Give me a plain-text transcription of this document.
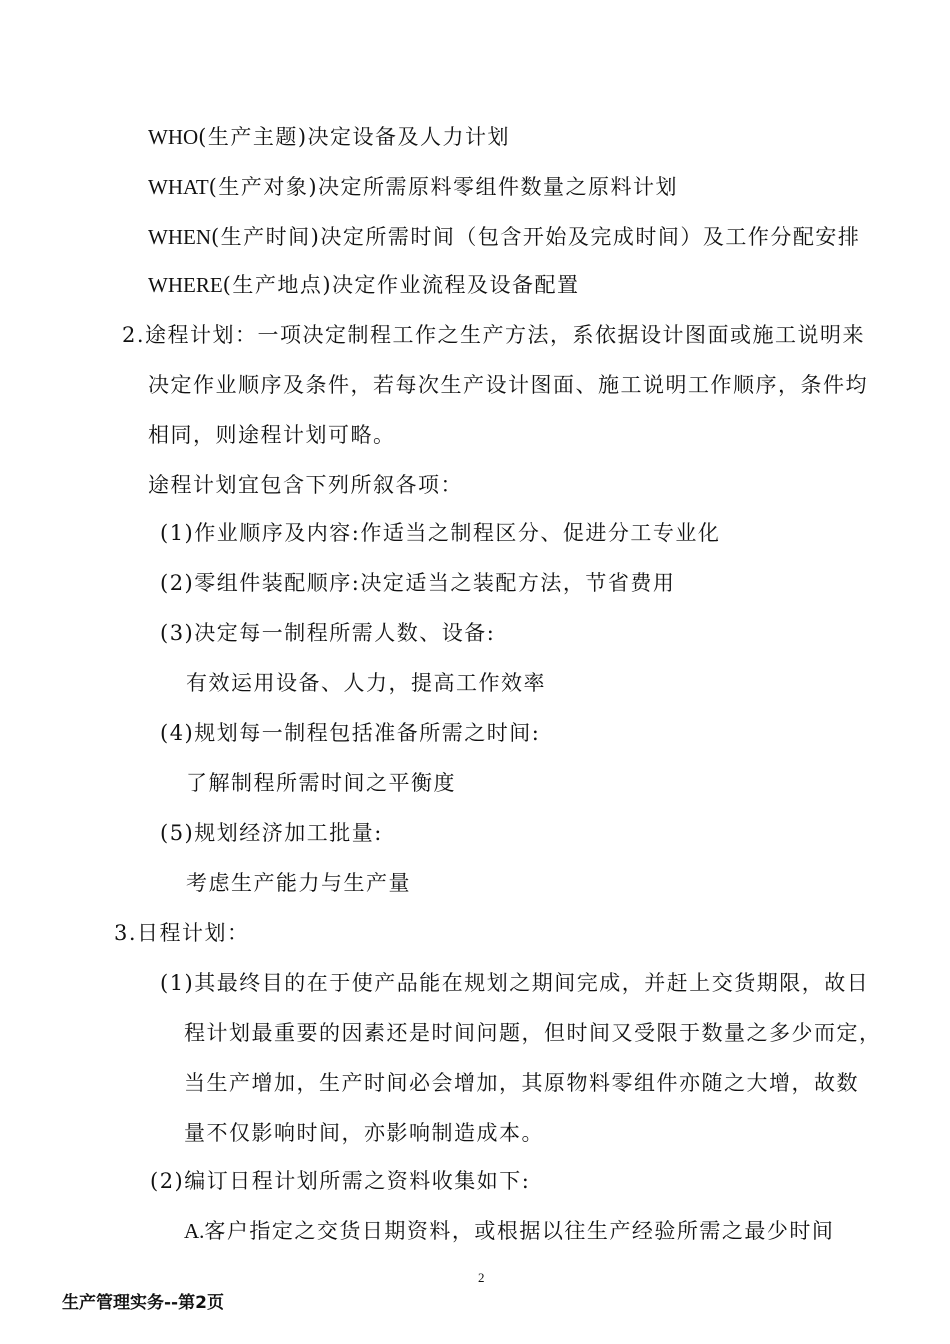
WHO(生产主题)决定设备及人力计划
WHAT(生产对象)决定所需原料零组件数量之原料计划
WHEN(生产时间)决定所需时间（包含开始及完成时间）及工作分配安排
WHERE(生产地点)决定作业流程及设备配置
2.途程计划：一项决定制程工作之生产方法，系依据设计图面或施工说明来
决定作业顺序及条件，若每次生产设计图面、施工说明工作顺序，条件均
相同，则途程计划可略。
途程计划宜包含下列所叙各项：
(1)作业顺序及内容:作适当之制程区分、促进分工专业化
(2)零组件装配顺序:决定适当之装配方法，节省费用
(3)决定每一制程所需人数、设备:
有效运用设备、人力，提高工作效率
(4)规划每一制程包括准备所需之时间:
了解制程所需时间之平衡度
(5)规划经济加工批量:
考虑生产能力与生产量
3.日程计划：
(1)其最终目的在于使产品能在规划之期间完成，并赶上交货期限，故日
程计划最重要的因素还是时间问题，但时间又受限于数量之多少而定，
当生产增加，生产时间必会增加，其原物料零组件亦随之大增，故数
量不仅影响时间，亦影响制造成本。
(2)编订日程计划所需之资料收集如下:
A.客户指定之交货日期资料，或根据以往生产经验所需之最少时间
2
生产管理实务--第2页
